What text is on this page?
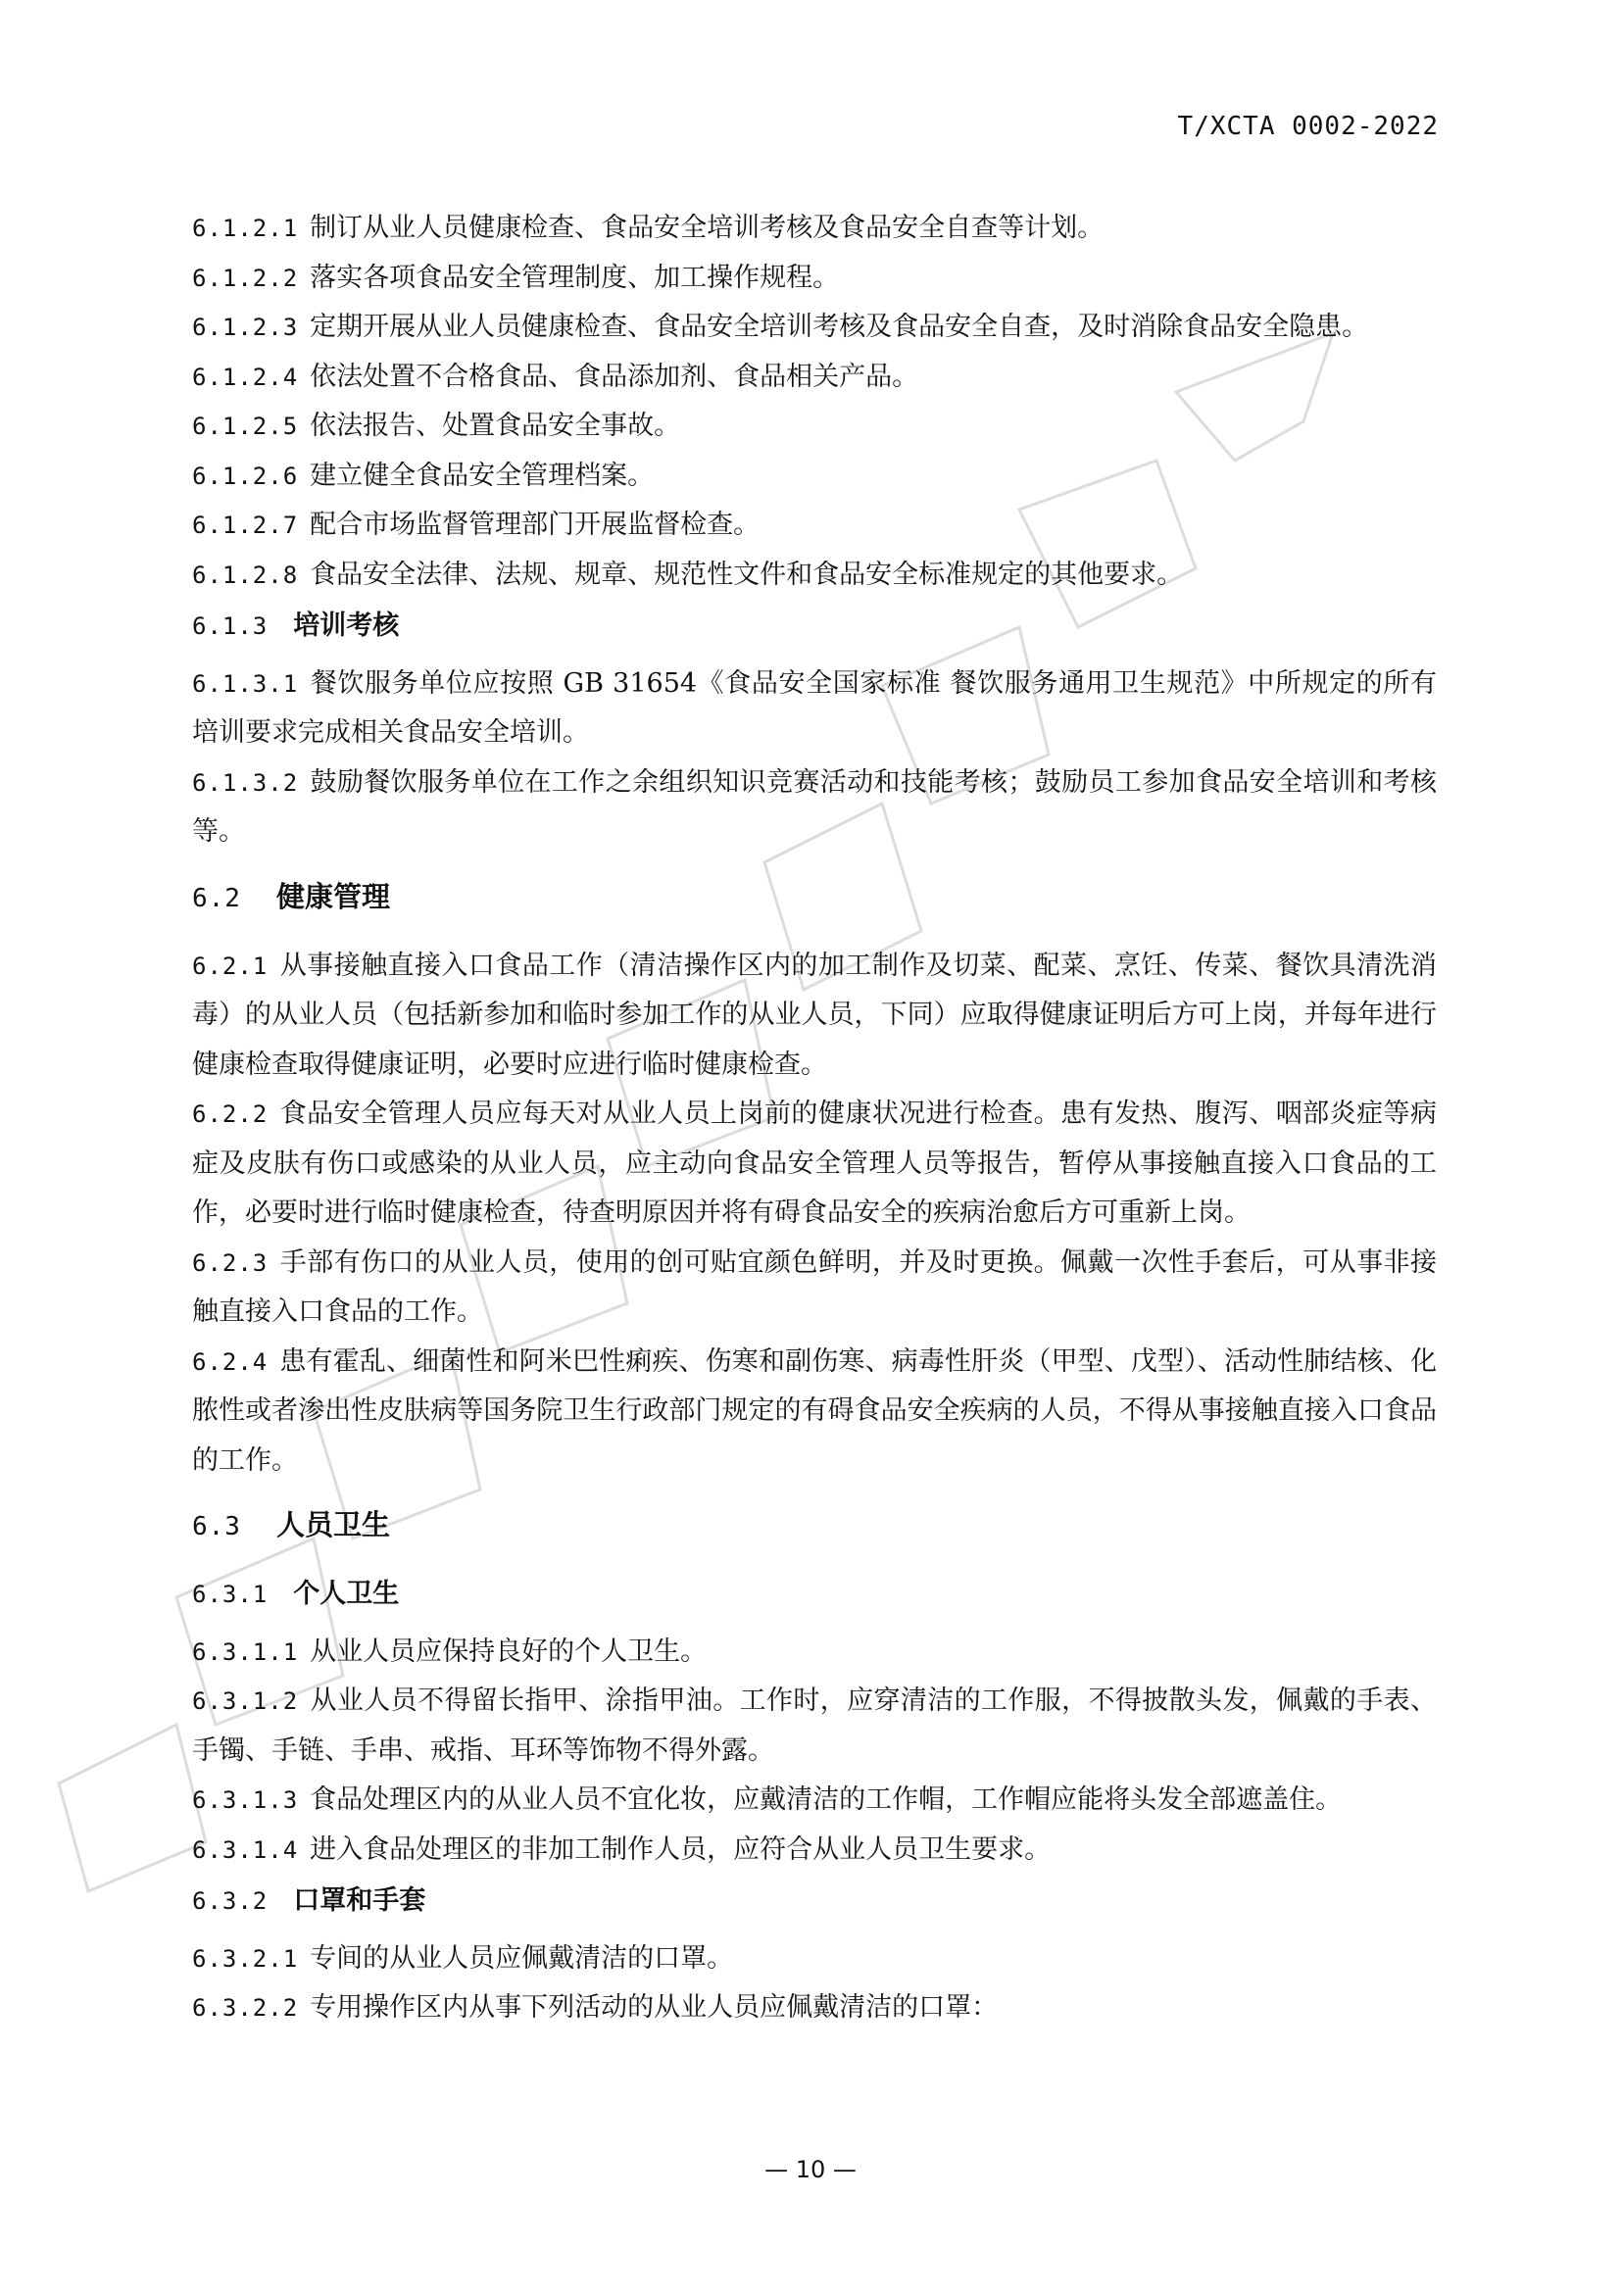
T/XCTA 0002-2022
6.1.2.1 制订从业人员健康检查、食品安全培训考核及食品安全自查等计划。
6.1.2.2 落实各项食品安全管理制度、加工操作规程。
6.1.2.3 定期开展从业人员健康检查、食品安全培训考核及食品安全自查，及时消除食品安全隐患。
6.1.2.4 依法处置不合格食品、食品添加剂、食品相关产品。
6.1.2.5 依法报告、处置食品安全事故。
6.1.2.6 建立健全食品安全管理档案。
6.1.2.7 配合市场监督管理部门开展监督检查。
6.1.2.8 食品安全法律、法规、规章、规范性文件和食品安全标准规定的其他要求。
6.1.3 培训考核
6.1.3.1 餐饮服务单位应按照 GB 31654《食品安全国家标准 餐饮服务通用卫生规范》中所规定的所有培训要求完成相关食品安全培训。
6.1.3.2 鼓励餐饮服务单位在工作之余组织知识竞赛活动和技能考核；鼓励员工参加食品安全培训和考核等。
6.2 健康管理
6.2.1 从事接触直接入口食品工作（清洁操作区内的加工制作及切菜、配菜、烹饪、传菜、餐饮具清洗消毒）的从业人员（包括新参加和临时参加工作的从业人员，下同）应取得健康证明后方可上岗，并每年进行健康检查取得健康证明，必要时应进行临时健康检查。
6.2.2 食品安全管理人员应每天对从业人员上岗前的健康状况进行检查。患有发热、腹泻、咽部炎症等病症及皮肤有伤口或感染的从业人员，应主动向食品安全管理人员等报告，暂停从事接触直接入口食品的工作，必要时进行临时健康检查，待查明原因并将有碍食品安全的疾病治愈后方可重新上岗。
6.2.3 手部有伤口的从业人员，使用的创可贴宜颜色鲜明，并及时更换。佩戴一次性手套后，可从事非接触直接入口食品的工作。
6.2.4 患有霍乱、细菌性和阿米巴性痢疾、伤寒和副伤寒、病毒性肝炎（甲型、戊型）、活动性肺结核、化脓性或者渗出性皮肤病等国务院卫生行政部门规定的有碍食品安全疾病的人员，不得从事接触直接入口食品的工作。
6.3 人员卫生
6.3.1 个人卫生
6.3.1.1 从业人员应保持良好的个人卫生。
6.3.1.2 从业人员不得留长指甲、涂指甲油。工作时，应穿清洁的工作服，不得披散头发，佩戴的手表、手镯、手链、手串、戒指、耳环等饰物不得外露。
6.3.1.3 食品处理区内的从业人员不宜化妆，应戴清洁的工作帽，工作帽应能将头发全部遮盖住。
6.3.1.4 进入食品处理区的非加工制作人员，应符合从业人员卫生要求。
6.3.2 口罩和手套
6.3.2.1 专间的从业人员应佩戴清洁的口罩。
6.3.2.2 专用操作区内从事下列活动的从业人员应佩戴清洁的口罩：
— 10 —
